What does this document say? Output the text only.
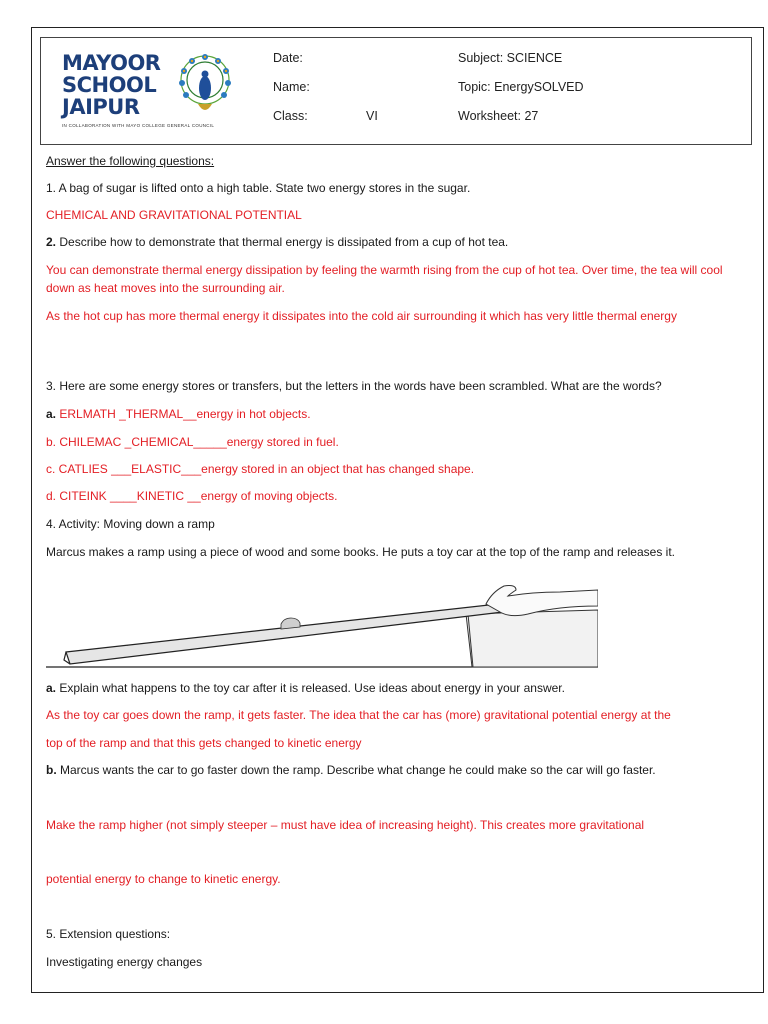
MAYOOR
SCHOOL
JAIPUR
IN COLLABORATION WITH MAYO COLLEGE GENERAL COUNCIL
Date:
Name:
Class:	VI
Subject: SCIENCE
Topic: EnergySOLVED
Worksheet: 27
Answer the following questions:
1. A bag of sugar is lifted onto a high table. State two energy stores in the sugar.
CHEMICAL AND GRAVITATIONAL POTENTIAL
2. Describe how to demonstrate that thermal energy is dissipated from a cup of hot tea.
You can demonstrate thermal energy dissipation by feeling the warmth rising from the cup of hot tea. Over time, the tea will cool down as heat moves into the surrounding air.
As the hot cup has more thermal energy it dissipates into the cold air surrounding it which has very little thermal energy
3. Here are some energy stores or transfers, but the letters in the words have been scrambled. What are the words?
a. ERLMATH _THERMAL__energy in hot objects.
b. CHILEMAC _CHEMICAL_____energy stored in fuel.
c. CATLIES ___ELASTIC___energy stored in an object that has changed shape.
d. CITEINK ____KINETIC __energy of moving objects.
4. Activity: Moving down a ramp
Marcus makes a ramp using a piece of wood and some books. He puts a toy car at the top of the ramp and releases it.
a. Explain what happens to the toy car after it is released. Use ideas about energy in your answer.
As the toy car goes down the ramp, it gets faster. The idea that the car has (more) gravitational potential energy at the
top of the ramp and that this gets changed to kinetic energy
b. Marcus wants the car to go faster down the ramp. Describe what change he could make so the car will go faster.
Make the ramp higher (not simply steeper – must have idea of increasing height). This creates more gravitational
potential energy to change to kinetic energy.
5. Extension questions:
Investigating energy changes
